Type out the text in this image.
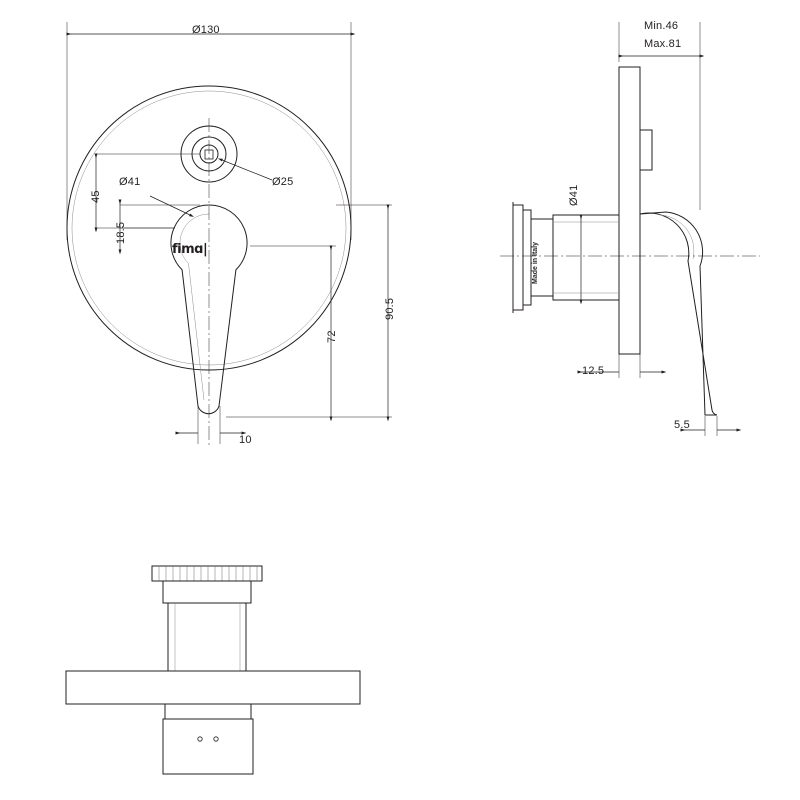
Ø130
Ø41	Ø25
45
18.5
72
90.5
10
fimɑ|
Min.46
Max.81
Ø41
12.5
5.5
Made in Italy
